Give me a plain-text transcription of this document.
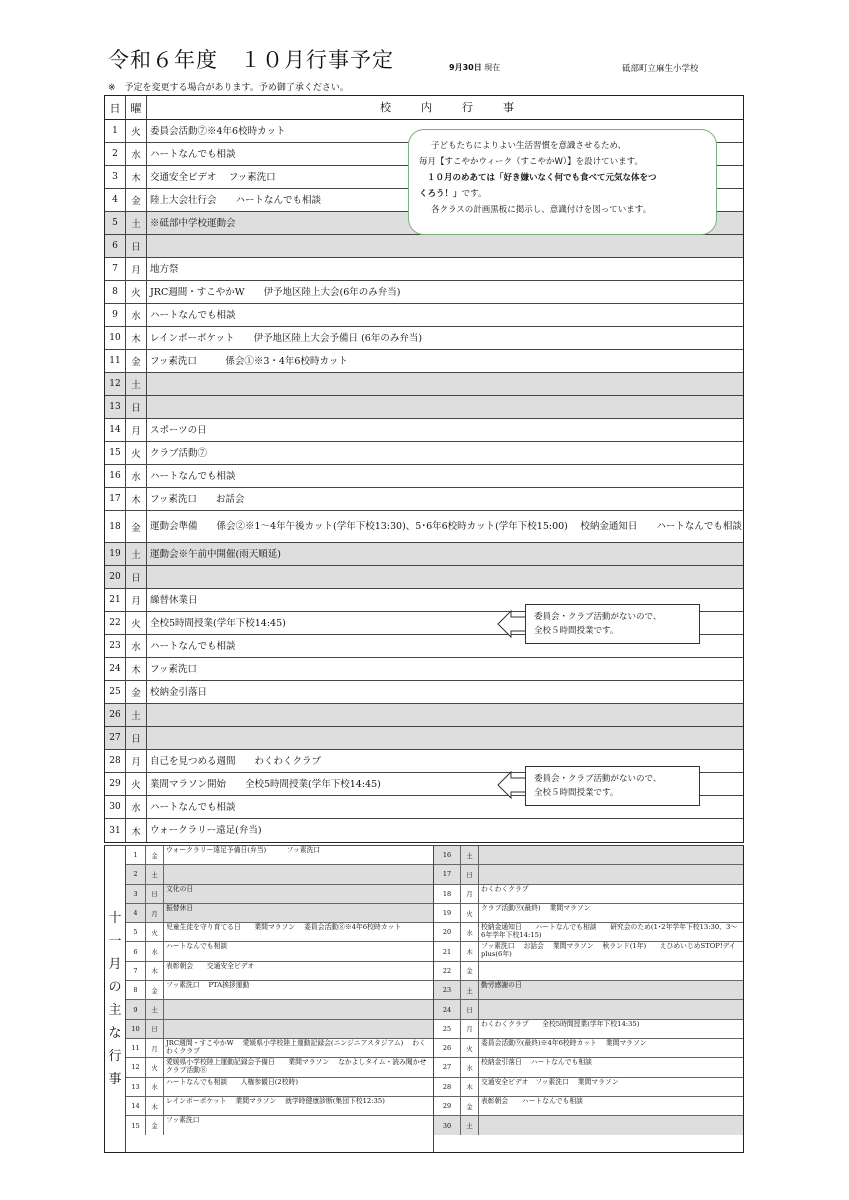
令和６年度　１０月行事予定	9月30日 現在	砥部町立麻生小学校
※　予定を変更する場合があります。予め御了承ください。
日 曜	校内行事
1	火 委員会活動⑦※4年6校時カット
2	水 ハートなんでも相談
3	木 交通安全ビデオ　 フッ素洗口
4	金 陸上大会壮行会　　ハートなんでも相談
5	土 ※砥部中学校運動会
6	日
7	月 地方祭
8	火 JRC週間・すこやかW　　伊予地区陸上大会(6年のみ弁当)
9	水 ハートなんでも相談
10	木 レインボーポケット　　伊予地区陸上大会予備日 (6年のみ弁当)
11	金 フッ素洗口　　　係会①※3・4年6校時カット
12	土
13	日
14	月 スポーツの日
15	火 クラブ活動⑦
16	水 ハートなんでも相談
17	木 フッ素洗口　　お話会
18	金 運動会準備　　係会②※1～4年午後カット(学年下校13:30)、5･6年6校時カット(学年下校15:00)　 校納金通知日　　ハートなんでも相談
19	土 運動会※午前中開催(雨天順延)
20	日
21	月 繰替休業日
22	火 全校5時間授業(学年下校14:45)
23	水 ハートなんでも相談
24	木 フッ素洗口
25	金 校納金引落日
26	土
27	日
28	月 自己を見つめる週間　　わくわくクラブ
29	火 業間マラソン開始　　全校5時間授業(学年下校14:45)
30	水 ハートなんでも相談
31	木 ウォークラリー遠足(弁当)
十
一
月
の
主
な
行
事
1	金
ウォークラリー遠足予備日(弁当)　　　フッ素洗口
2	土
3	日
文化の日
4	月
振替休日
5	火
児童生徒を守り育てる日　　業間マラソン　 委員会活動⑧※4年6校時カット
6	水
ハートなんでも相談
7	木
表彰朝会　　交通安全ビデオ
8	金
フッ素洗口　 PTA挨拶運動
9	土
10	日
11	月
JRC週間・すこやかW　 愛媛県小学校陸上運動記録会(ニンジニアスタジアム)　 わくわくクラブ
12	火
愛媛県小学校陸上運動記録会予備日　　業間マラソン　 なかよしタイム・読み聞かせ　　クラブ活動⑧
13	水
ハートなんでも相談　　人権参観日(2校時)
14	木
レインボーポケット　 業間マラソン　 就学時健康診断(集団下校12:35)
15	金
フッ素洗口
16	土
17	日
18	月
わくわくクラブ
19	火
クラブ活動⑨(最終)　 業間マラソン
20	水
校納金通知日　　ハートなんでも相談　　研究会のため(1･2年学年下校13:30、3～6年学年下校14:15)
21	木
フッ素洗口　 お話会　 業間マラソン　 秋ランド(1年)　　えひめいじめSTOP!デイplus(6年)
22	金
23	土
勤労感謝の日
24	日
25	月
わくわくクラブ　　全校5時間授業(学年下校14:35)
26	火
委員会活動⑨(最終)※4年6校時カット　 業間マラソン
27	水
校納金引落日　 ハートなんでも相談
28	木
交通安全ビデオ　フッ素洗口　 業間マラソン
29	金
表彰朝会　　ハートなんでも相談
30	土

子どもたちによりよい生活習慣を意識させるため、

毎月【すこやかウィーク（すこやかW）】を設けています。

１０月のめあては「好き嫌いなく何でも食べて元気な体をつ

くろう！」です。

各クラスの計画黒板に掲示し、意識付けを図っています。

委員会・クラブ活動がないので、
全校５時間授業です。
委員会・クラブ活動がないので、
全校５時間授業です。
